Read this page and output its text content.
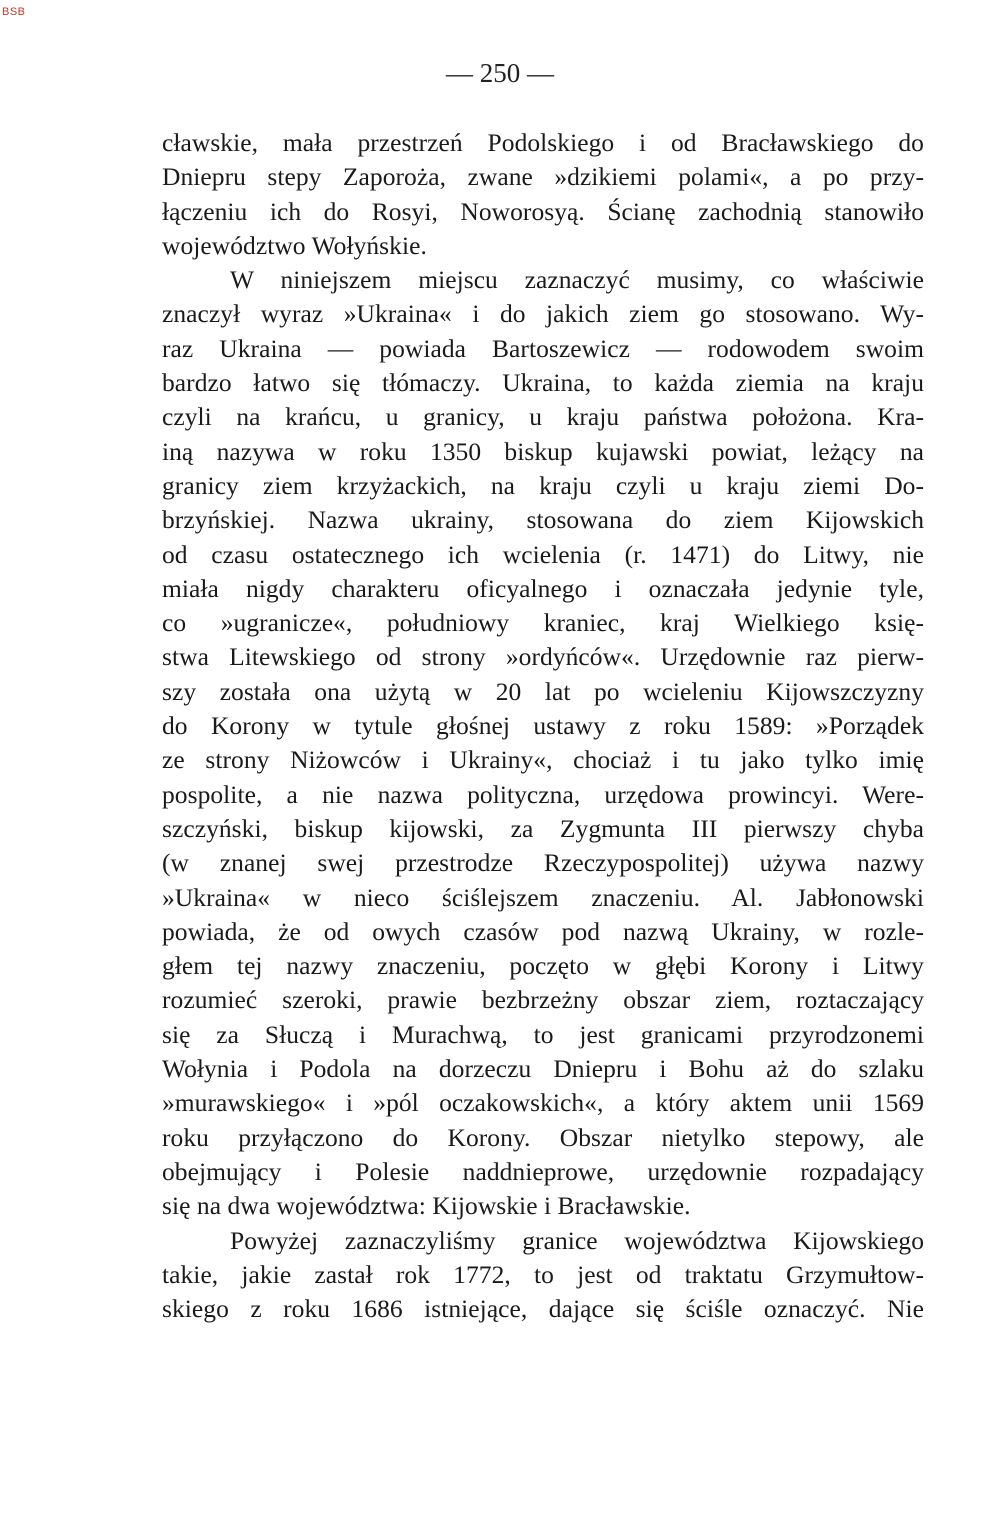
BSB
— 250 —
cławskie, mała przestrzeń Podolskiego i od Bracławskiego do
Dniepru stepy Zaporoża, zwane »dzikiemi polami«, a po przy-
łączeniu ich do Rosyi, Noworosyą. Ścianę zachodnią stanowiło
województwo Wołyńskie.
W niniejszem miejscu zaznaczyć musimy, co właściwie
znaczył wyraz »Ukraina« i do jakich ziem go stosowano. Wy-
raz Ukraina — powiada Bartoszewicz — rodowodem swoim
bardzo łatwo się tłómaczy. Ukraina, to każda ziemia na kraju
czyli na krańcu, u granicy, u kraju państwa położona. Kra-
iną nazywa w roku 1350 biskup kujawski powiat, leżący na
granicy ziem krzyżackich, na kraju czyli u kraju ziemi Do-
brzyńskiej. Nazwa ukrainy, stosowana do ziem Kijowskich
od czasu ostatecznego ich wcielenia (r. 1471) do Litwy, nie
miała nigdy charakteru oficyalnego i oznaczała jedynie tyle,
co »ugranicze«, południowy kraniec, kraj Wielkiego księ-
stwa Litewskiego od strony »ordyńców«. Urzędownie raz pierw-
szy została ona użytą w 20 lat po wcieleniu Kijowszczyzny
do Korony w tytule głośnej ustawy z roku 1589: »Porządek
ze strony Niżowców i Ukrainy«, chociaż i tu jako tylko imię
pospolite, a nie nazwa polityczna, urzędowa prowincyi. Were-
szczyński, biskup kijowski, za Zygmunta III pierwszy chyba
(w znanej swej przestrodze Rzeczypospolitej) używa nazwy
»Ukraina« w nieco ściślejszem znaczeniu. Al. Jabłonowski
powiada, że od owych czasów pod nazwą Ukrainy, w rozle-
głem tej nazwy znaczeniu, poczęto w głębi Korony i Litwy
rozumieć szeroki, prawie bezbrzeżny obszar ziem, roztaczający
się za Słuczą i Murachwą, to jest granicami przyrodzonemi
Wołynia i Podola na dorzeczu Dniepru i Bohu aż do szlaku
»murawskiego« i »pól oczakowskich«, a który aktem unii 1569
roku przyłączono do Korony. Obszar nietylko stepowy, ale
obejmujący i Polesie naddnieprowe, urzędownie rozpadający
się na dwa województwa: Kijowskie i Bracławskie.
Powyżej zaznaczyliśmy granice województwa Kijowskiego
takie, jakie zastał rok 1772, to jest od traktatu Grzymułtow-
skiego z roku 1686 istniejące, dające się ściśle oznaczyć. Nie
